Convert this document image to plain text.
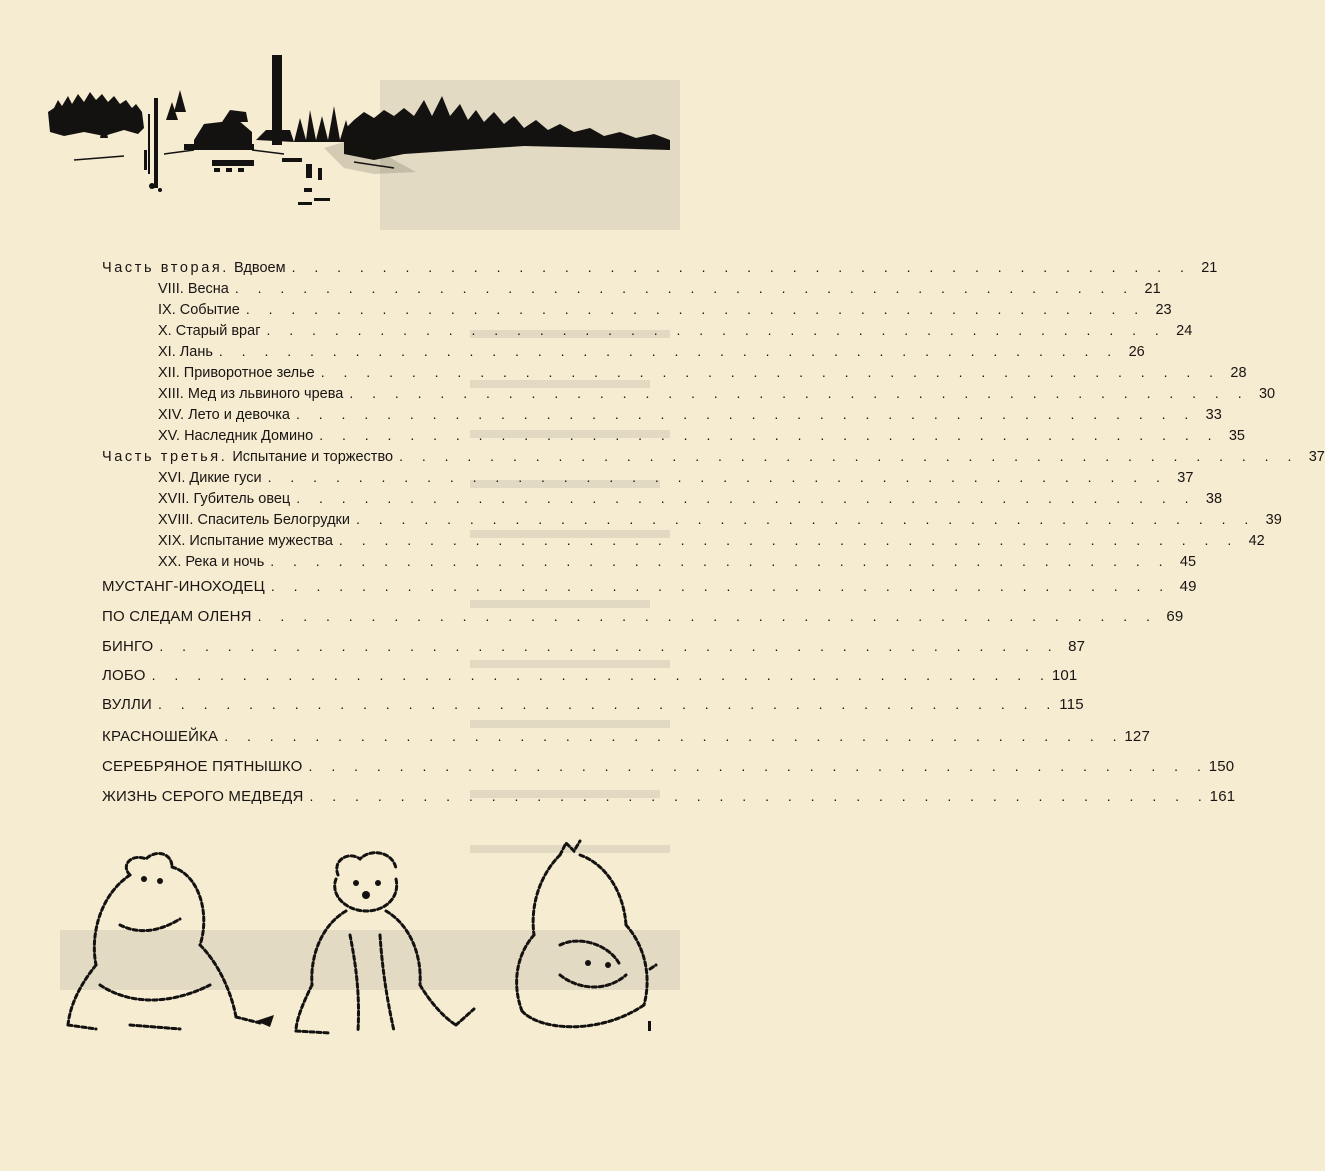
Часть вторая. Вдвоем . . . . . . . . . . . . . . . . . . . . . . . . . . . . . . . . . . . . . . . . 21
VIII. Весна . . . . . . . . . . . . . . . . . . . . . . . . . . . . . . . . . . . . . . . . 21
IX. Событие . . . . . . . . . . . . . . . . . . . . . . . . . . . . . . . . . . . . . . . . 23
X. Старый враг . . . . . . . . . . . . . . . . . . . . . . . . . . . . . . . . . . . . . . . . 24
XI. Лань . . . . . . . . . . . . . . . . . . . . . . . . . . . . . . . . . . . . . . . . 26
XII. Приворотное зелье . . . . . . . . . . . . . . . . . . . . . . . . . . . . . . . . . . . . . . . . 28
XIII. Мед из львиного чрева . . . . . . . . . . . . . . . . . . . . . . . . . . . . . . . . . . . . . . . . 30
XIV. Лето и девочка . . . . . . . . . . . . . . . . . . . . . . . . . . . . . . . . . . . . . . . . 33
XV. Наследник Домино . . . . . . . . . . . . . . . . . . . . . . . . . . . . . . . . . . . . . . . . 35
Часть третья. Испытание и торжество . . . . . . . . . . . . . . . . . . . . . . . . . . . . . . . . . . . . . . . . 37
XVI. Дикие гуси . . . . . . . . . . . . . . . . . . . . . . . . . . . . . . . . . . . . . . . . 37
XVII. Губитель овец . . . . . . . . . . . . . . . . . . . . . . . . . . . . . . . . . . . . . . . . 38
XVIII. Спаситель Белогрудки . . . . . . . . . . . . . . . . . . . . . . . . . . . . . . . . . . . . . . . . 39
XIX. Испытание мужества . . . . . . . . . . . . . . . . . . . . . . . . . . . . . . . . . . . . . . . . 42
XX. Река и ночь . . . . . . . . . . . . . . . . . . . . . . . . . . . . . . . . . . . . . . . . 45
МУСТАНГ-ИНОХОДЕЦ . . . . . . . . . . . . . . . . . . . . . . . . . . . . . . . . . . . . . . . . 49
ПО СЛЕДАМ ОЛЕНЯ . . . . . . . . . . . . . . . . . . . . . . . . . . . . . . . . . . . . . . . . 69
БИНГО . . . . . . . . . . . . . . . . . . . . . . . . . . . . . . . . . . . . . . . . 87
ЛОБО . . . . . . . . . . . . . . . . . . . . . . . . . . . . . . . . . . . . . . . . 101
ВУЛЛИ . . . . . . . . . . . . . . . . . . . . . . . . . . . . . . . . . . . . . . . . 115
КРАСНОШЕЙКА . . . . . . . . . . . . . . . . . . . . . . . . . . . . . . . . . . . . . . . . 127
СЕРЕБРЯНОЕ ПЯТНЫШКО . . . . . . . . . . . . . . . . . . . . . . . . . . . . . . . . . . . . . . . . 150
ЖИЗНЬ СЕРОГО МЕДВЕДЯ . . . . . . . . . . . . . . . . . . . . . . . . . . . . . . . . . . . . . . . . 161
